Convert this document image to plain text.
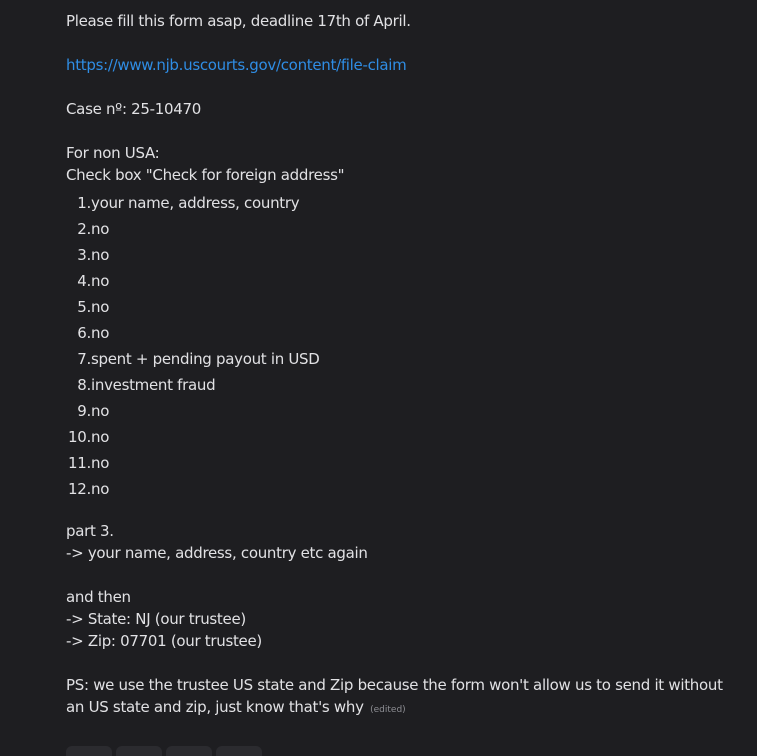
Please fill this form asap, deadline 17th of April.
https://www.njb.uscourts.gov/content/file-claim
Case nº: 25-10470
For non USA:
Check box "Check for foreign address"
1. your name, address, country
2. no
3. no
4. no
5. no
6. no
7. spent + pending payout in USD
8. investment fraud
9. no
10. no
11. no
12. no
part 3.
-> your name, address, country etc again
and then
-> State: NJ (our trustee)
-> Zip: 07701 (our trustee)
PS: we use the trustee US state and Zip because the form won't allow us to send it without an US state and zip, just know that's why (edited)
